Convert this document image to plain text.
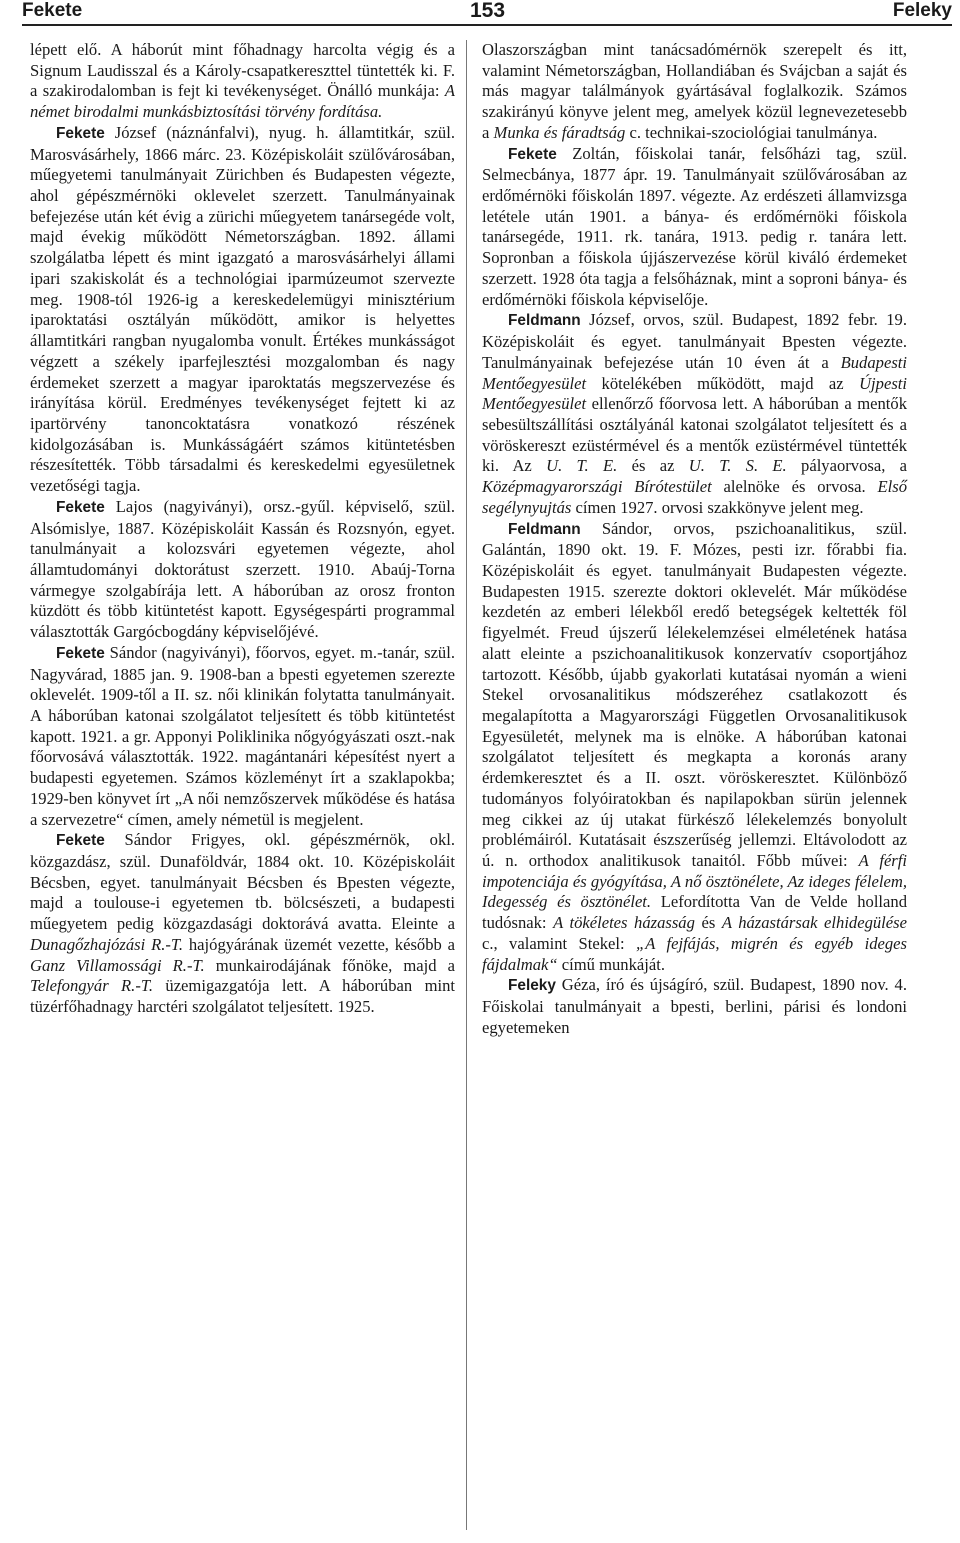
Fekete	153	Feleky

lépett elő. A háborút mint főhadnagy harcolta végig és a Signum Laudisszal és a Károly-csapatkereszttel tüntették ki. F. a szakirodalomban is fejt ki tevékenységet. Önálló munkája: A német birodalmi munkásbiztosítási törvény fordítása.

Fekete József (náznánfalvi), nyug. h. államtitkár, szül. Marosvásárhely, 1866 márc. 23. Középiskoláit szülővárosában, műegyetemi tanulmányait Zürichben és Budapesten végezte, ahol gépészmérnöki oklevelet szerzett. Tanulmányainak befejezése után két évig a zürichi műegyetem tanársegéde volt, majd évekig működött Németországban. 1892. állami szolgálatba lépett és mint igazgató a marosvásárhelyi állami ipari szakiskolát és a technológiai iparmúzeumot szervezte meg. 1908-tól 1926-ig a kereskedelemügyi minisztérium iparoktatási osztályán működött, amikor is helyettes államtitkári rangban nyugalomba vonult. Értékes munkásságot végzett a székely iparfejlesztési mozgalomban és nagy érdemeket szerzett a magyar iparoktatás megszervezése és irányítása körül. Eredményes tevékenységet fejtett ki az ipartörvény tanoncoktatásra vonatkozó részének kidolgozásában is. Munkásságáért számos kitüntetésben részesítették. Több társadalmi és kereskedelmi egyesületnek vezetőségi tagja.

Fekete Lajos (nagyiványi), orsz.-gyűl. képviselő, szül. Alsómislye, 1887. Középiskoláit Kassán és Rozsnyón, egyet. tanulmányait a kolozsvári egyetemen végezte, ahol államtudományi doktorátust szerzett. 1910. Abaúj-Torna vármegye szolgabírája lett. A háborúban az orosz fronton küzdött és több kitüntetést kapott. Egységespárti programmal választották Gargócbogdány képviselőjévé.

Fekete Sándor (nagyiványi), főorvos, egyet. m.-tanár, szül. Nagyvárad, 1885 jan. 9. 1908-ban a bpesti egyetemen szerezte oklevelét. 1909-től a II. sz. női klinikán folytatta tanulmányait. A háborúban katonai szolgálatot teljesített és több kitüntetést kapott. 1921. a gr. Apponyi Poliklinika nőgyógyászati oszt.-nak főorvosává választották. 1922. magántanári képesítést nyert a budapesti egyetemen. Számos közleményt írt a szaklapokba; 1929-ben könyvet írt „A női nemzőszervek működése és hatása a szervezetre“ címen, amely németül is megjelent.

Fekete Sándor Frigyes, okl. gépészmérnök, okl. közgazdász, szül. Dunaföldvár, 1884 okt. 10. Középiskoláit Bécsben, egyet. tanulmányait Bécsben és Bpesten végezte, majd a toulouse-i egyetemen tb. bölcsészeti, a budapesti műegyetem pedig közgazdasági doktorává avatta. Eleinte a Dunagőzhajózási R.-T. hajógyárának üzemét vezette, később a Ganz Villamossági R.-T. munkairodájának főnöke, majd a Telefongyár R.-T. üzemigazgatója lett. A háborúban mint tüzérfőhadnagy harctéri szolgálatot teljesített. 1925.

Olaszországban mint tanácsadómérnök szerepelt és itt, valamint Németországban, Hollandiában és Svájcban a saját és más magyar találmányok gyártásával foglalkozik. Számos szakirányú könyve jelent meg, amelyek közül legnevezetesebb a Munka és fáradtság c. technikai-szociológiai tanulmánya.

Fekete Zoltán, főiskolai tanár, felsőházi tag, szül. Selmecbánya, 1877 ápr. 19. Tanulmányait szülővárosában az erdőmérnöki főiskolán 1897. végezte. Az erdészeti államvizsga letétele után 1901. a bánya- és erdőmérnöki főiskola tanársegéde, 1911. rk. tanára, 1913. pedig r. tanára lett. Sopronban a főiskola újjászervezése körül kiváló érdemeket szerzett. 1928 óta tagja a felsőháznak, mint a soproni bánya- és erdőmérnöki főiskola képviselője.

Feldmann József, orvos, szül. Budapest, 1892 febr. 19. Középiskoláit és egyet. tanulmányait Bpesten végezte. Tanulmányainak befejezése után 10 éven át a Budapesti Mentőegyesület kötelékében működött, majd az Újpesti Mentőegyesület ellenőrző főorvosa lett. A háborúban a mentők sebesültszállítási osztályánál katonai szolgálatot teljesített és a vöröskereszt ezüstérmével és a mentők ezüstérmével tüntették ki. Az U. T. E. és az U. T. S. E. pályaorvosa, a Középmagyarországi Bírótestület alelnöke és orvosa. Első segélynyujtás címen 1927. orvosi szakkönyve jelent meg.

Feldmann Sándor, orvos, pszichoanalitikus, szül. Galántán, 1890 okt. 19. F. Mózes, pesti izr. főrabbi fia. Középiskoláit és egyet. tanulmányait Budapesten végezte. Budapesten 1915. szerezte doktori oklevelét. Már működése kezdetén az emberi lélekből eredő betegségek keltették föl figyelmét. Freud újszerű lélekelemzései elméletének hatása alatt eleinte a pszichoanalitikusok konzervatív csoportjához tartozott. Később, újabb gyakorlati kutatásai nyomán a wieni Stekel orvosanalitikus módszeréhez csatlakozott és megalapította a Magyarországi Független Orvosanalitikusok Egyesületét, melynek ma is elnöke. A háborúban katonai szolgálatot teljesített és megkapta a koronás arany érdemkeresztet és a II. oszt. vöröskeresztet. Különböző tudományos folyóiratokban és napilapokban sürün jelennek meg cikkei az új utakat fürkésző lélekelemzés bonyolult problémáiról. Kutatásait észszerűség jellemzi. Eltávolodott az ú. n. orthodox analitikusok tanaitól. Főbb művei: A férfi impotenciája és gyógyítása, A nő ösztönélete, Az ideges félelem, Idegesség és ösztönélet. Lefordította Van de Velde holland tudósnak: A tökéletes házasság és A házastársak elhidegülése c., valamint Stekel: „A fejfájás, migrén és egyéb ideges fájdalmak“ című munkáját.

Feleky Géza, író és újságíró, szül. Budapest, 1890 nov. 4. Főiskolai tanulmányait a bpesti, berlini, párisi és londoni egyetemeken
